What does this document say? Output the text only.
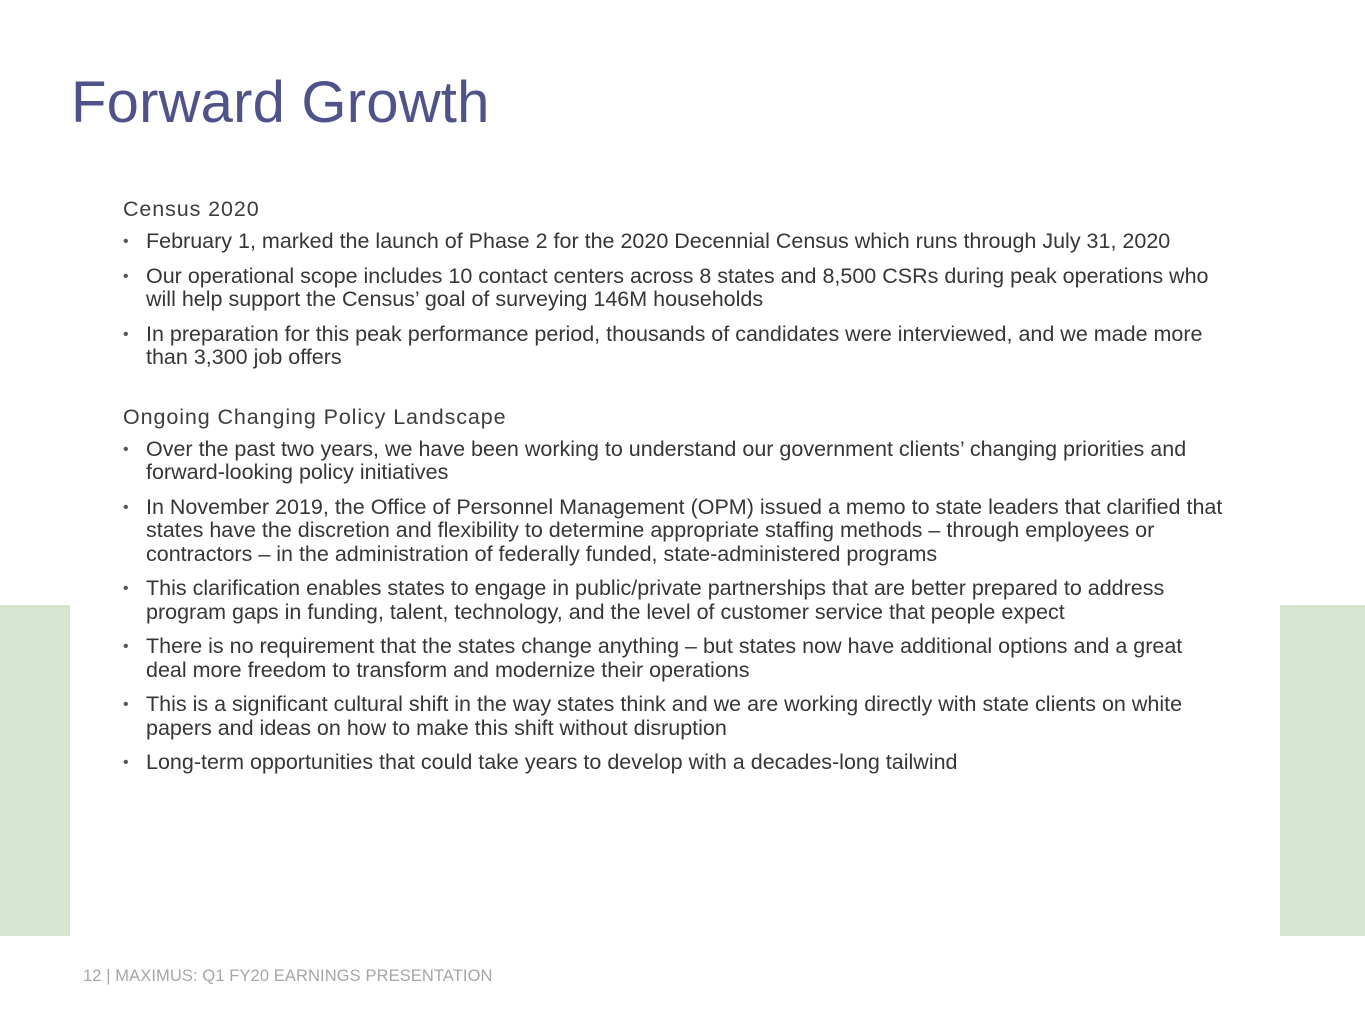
Forward Growth
Census 2020
• February 1, marked the launch of Phase 2 for the 2020 Decennial Census which runs through July 31, 2020
• Our operational scope includes 10 contact centers across 8 states and 8,500 CSRs during peak operations who will help support the Census’ goal of surveying 146M households
• In preparation for this peak performance period, thousands of candidates were interviewed, and we made more than 3,300 job offers
Ongoing Changing Policy Landscape
• Over the past two years, we have been working to understand our government clients’ changing priorities and forward-looking policy initiatives
• In November 2019, the Office of Personnel Management (OPM) issued a memo to state leaders that clarified that states have the discretion and flexibility to determine appropriate staffing methods – through employees or contractors – in the administration of federally funded, state-administered programs
• This clarification enables states to engage in public/private partnerships that are better prepared to address program gaps in funding, talent, technology, and the level of customer service that people expect
• There is no requirement that the states change anything – but states now have additional options and a great deal more freedom to transform and modernize their operations
• This is a significant cultural shift in the way states think and we are working directly with state clients on white papers and ideas on how to make this shift without disruption
• Long-term opportunities that could take years to develop with a decades-long tailwind
12 | MAXIMUS: Q1 FY20 EARNINGS PRESENTATION
